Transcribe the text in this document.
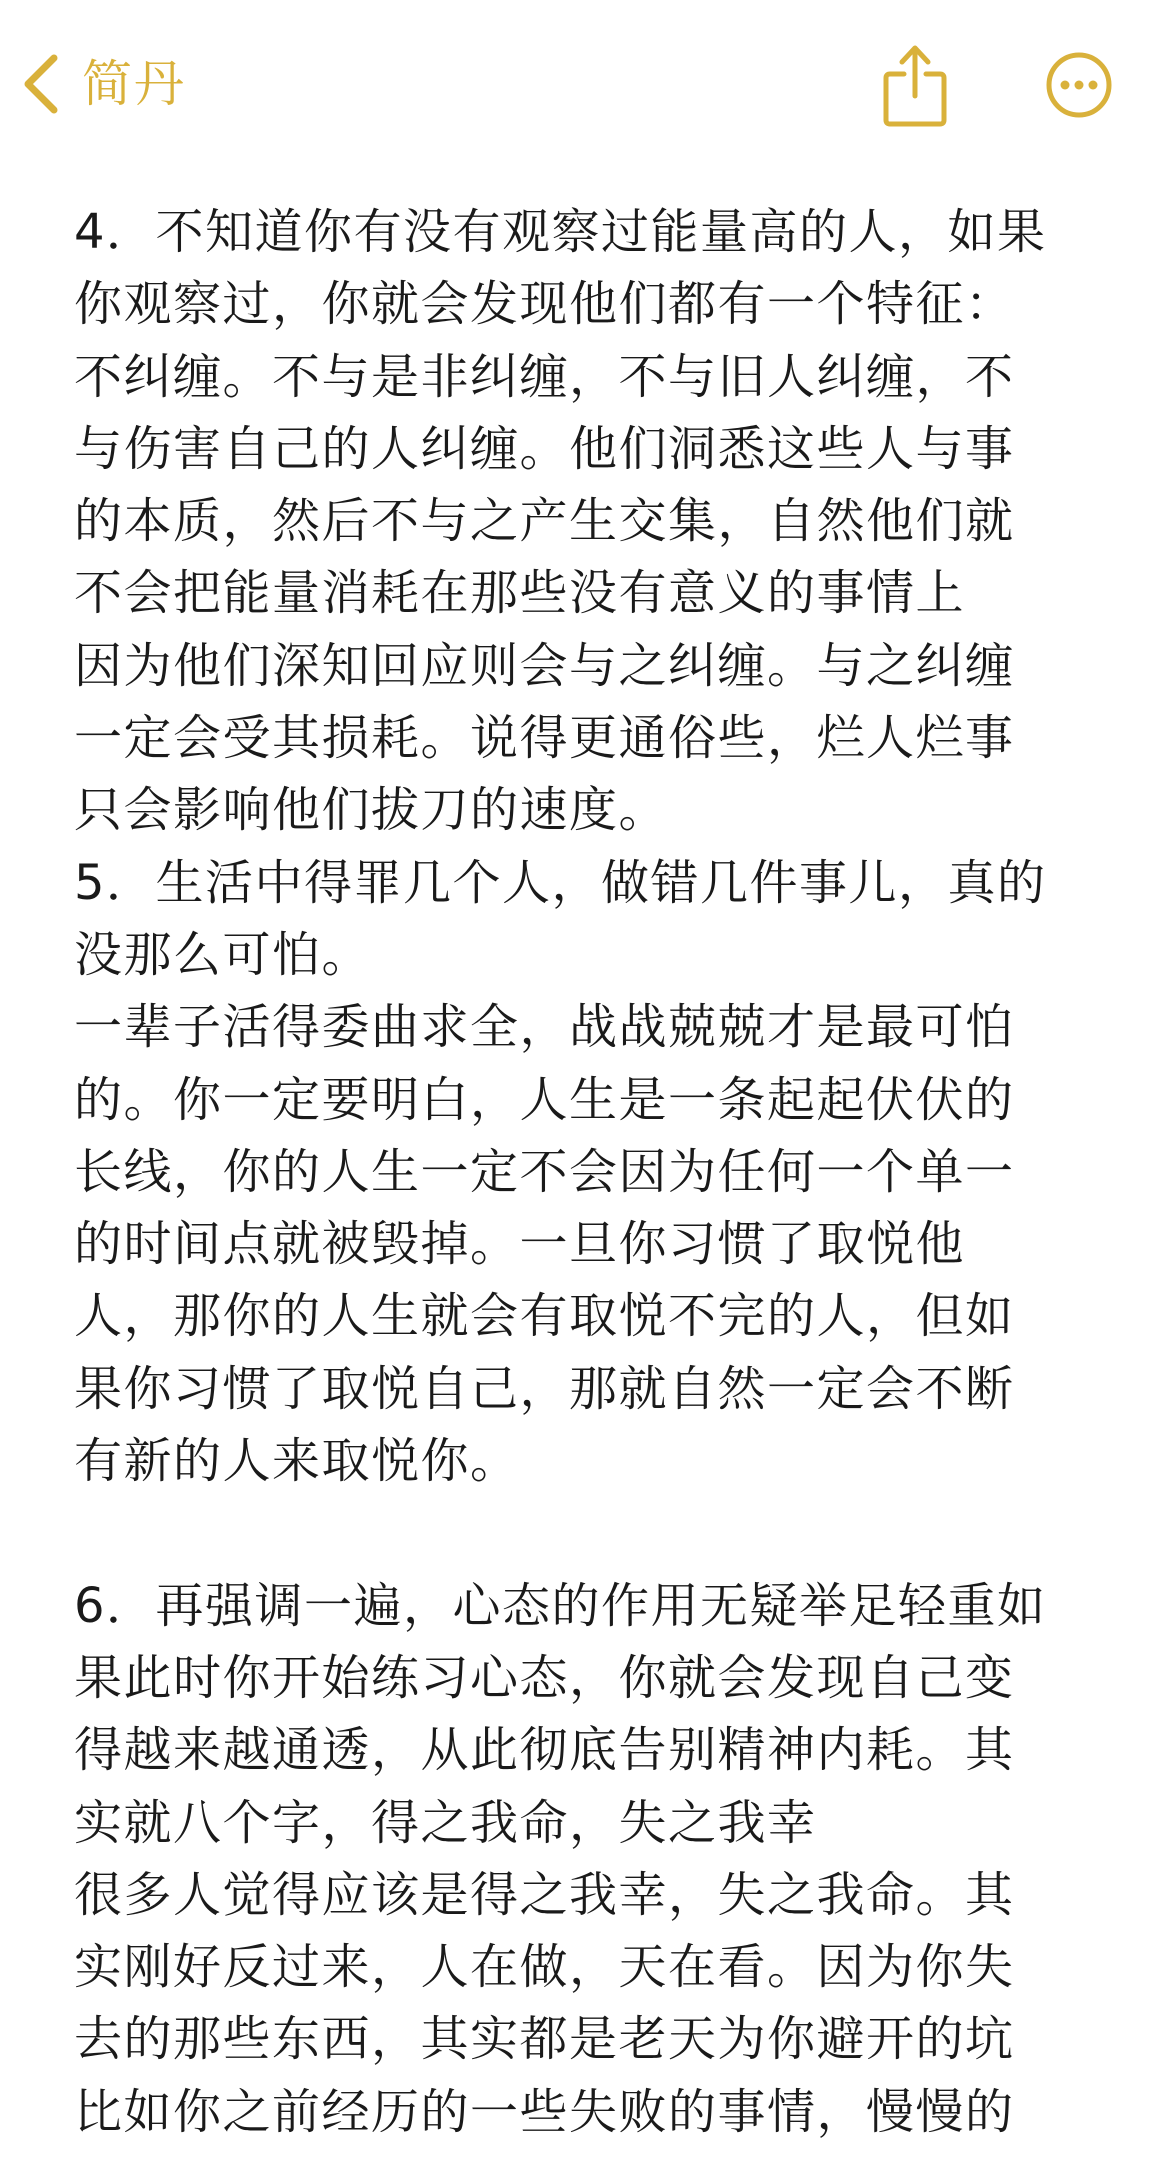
简丹
4．不知道你有没有观察过能量高的人，如果
你观察过，你就会发现他们都有一个特征：
不纠缠。不与是非纠缠，不与旧人纠缠，不
与伤害自己的人纠缠。他们洞悉这些人与事
的本质，然后不与之产生交集，自然他们就
不会把能量消耗在那些没有意义的事情上
因为他们深知回应则会与之纠缠。与之纠缠
一定会受其损耗。说得更通俗些，烂人烂事
只会影响他们拔刀的速度。
5．生活中得罪几个人，做错几件事儿，真的
没那么可怕。
一辈子活得委曲求全，战战兢兢才是最可怕
的。你一定要明白，人生是一条起起伏伏的
长线，你的人生一定不会因为任何一个单一
的时间点就被毁掉。一旦你习惯了取悦他
人，那你的人生就会有取悦不完的人，但如
果你习惯了取悦自己，那就自然一定会不断
有新的人来取悦你。
6．再强调一遍，心态的作用无疑举足轻重如
果此时你开始练习心态，你就会发现自己变
得越来越通透，从此彻底告别精神内耗。其
实就八个字，得之我命，失之我幸
很多人觉得应该是得之我幸，失之我命。其
实刚好反过来，人在做，天在看。因为你失
去的那些东西，其实都是老天为你避开的坑
比如你之前经历的一些失败的事情，慢慢的
